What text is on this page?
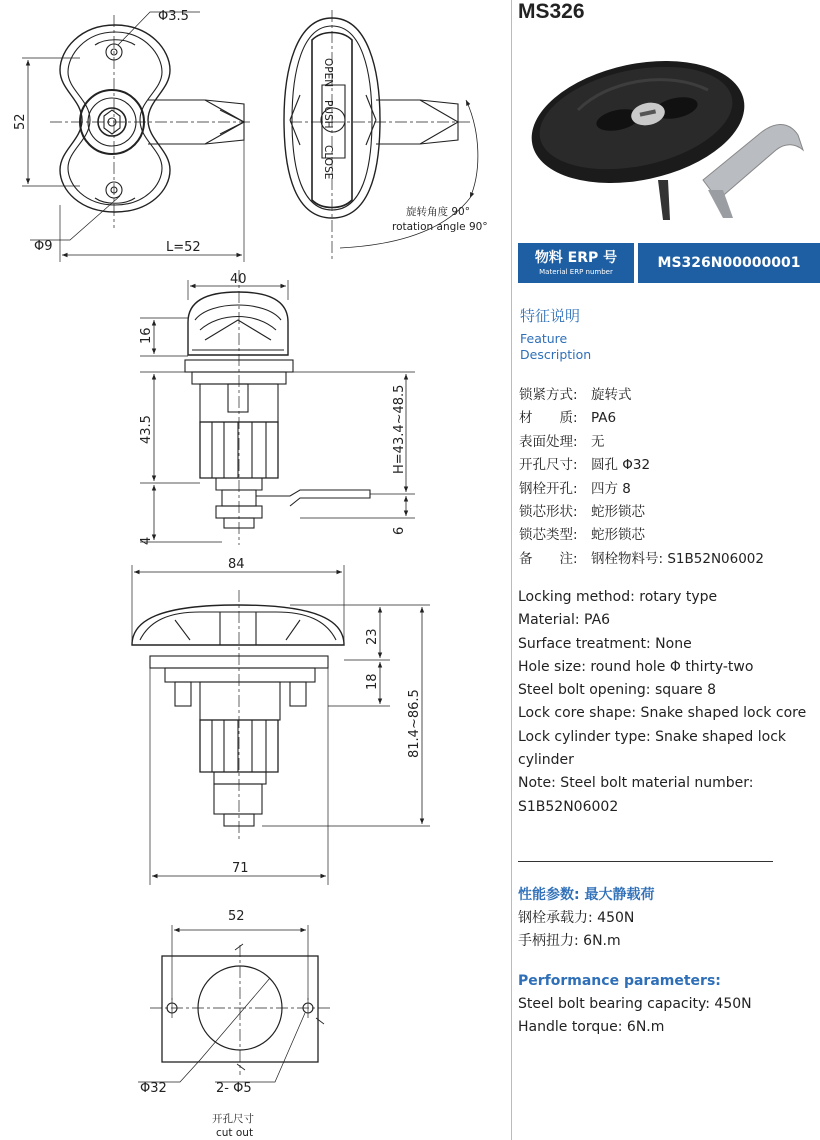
Φ3.5
52
Φ9	L=52
旋转角度 90°
rotation angle 90°
OPEN
PUSH
CLOSE
40
16
43.5
4
H=43.4~48.5
6
84
23
18
81.4~86.5
71
52
Φ32	2- Φ5
开孔尺寸
cut out
MS326
物料 ERP 号
Material ERP number
MS326N00000001
特征说明
Feature
Description
锁紧方式: 旋转式
材　　质: PA6
表面处理: 无
开孔尺寸: 圆孔 Φ32
钢栓开孔: 四方 8
锁芯形状: 蛇形锁芯
锁芯类型: 蛇形锁芯
备　　注: 钢栓物料号: S1B52N06002
Locking method: rotary type
Material: PA6
Surface treatment: None
Hole size: round hole Φ thirty-two
Steel bolt opening: square 8
Lock core shape: Snake shaped lock core
Lock cylinder type: Snake shaped lock cylinder
Note: Steel bolt material number: S1B52N06002
性能参数: 最大静载荷
钢栓承载力: 450N
手柄扭力: 6N.m
Performance parameters:
Steel bolt bearing capacity: 450N
Handle torque: 6N.m
